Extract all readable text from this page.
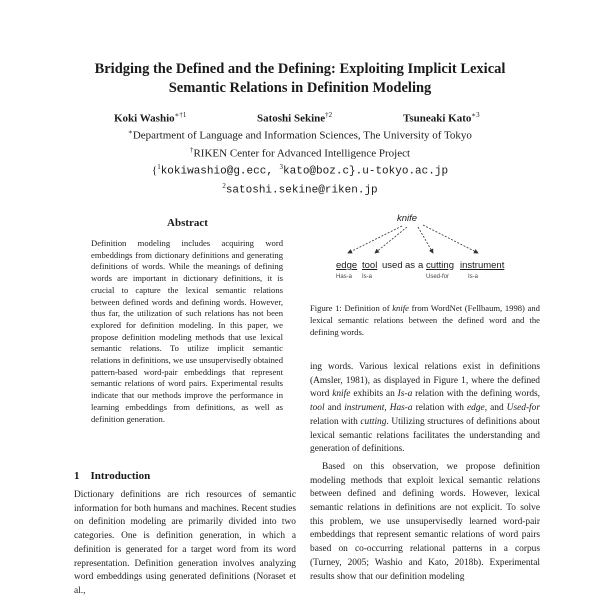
Bridging the Defined and the Defining: Exploiting Implicit Lexical
Semantic Relations in Definition Modeling
Koki Washio$^{∗\dagger 1}$	Satoshi Sekine$^{\dagger 2}$	Tsuneaki Kato$^{∗3}$
∗Department of Language and Information Sciences, The University of Tokyo
†RIKEN Center for Advanced Intelligence Project
{$^1$kokiwashio@g.ecc, $^3$kato@boz.c}.u-tokyo.ac.jp
$^2$satoshi.sekine@riken.jp
Abstract
Definition modeling includes acquiring word embeddings from dictionary definitions and generating definitions of words. While the meanings of defining words are important in dictionary definitions, it is crucial to capture the lexical semantic relations between defined words and defining words. However, thus far, the utilization of such relations has not been explored for definition modeling. In this paper, we propose definition modeling methods that use lexical semantic relations. To utilize implicit semantic relations in definitions, we use unsupervisedly obtained pattern-based word-pair embeddings that represent semantic relations of word pairs. Experimental results indicate that our methods improve the performance in learning embeddings from definitions, as well as definition generation.
1 Introduction
Dictionary definitions are rich resources of semantic information for both humans and machines. Recent studies on definition modeling are primarily divided into two categories. One is definition generation, in which a definition is generated for a target word from its word representation. Definition generation involves analyzing word embeddings using generated definitions (Noraset et al.,
knife
edge tool used as a cutting instrument
Has-a Is-a	Used-for	Is-a
Figure 1: Definition of knife from WordNet (Fellbaum, 1998) and lexical semantic relations between the defined word and the defining words.

ing words. Various lexical relations exist in definitions (Amsler, 1981), as displayed in Figure 1, where the defined word knife exhibits an Is-a relation with the defining words, tool and instrument, Has-a relation with edge, and Used-for relation with cutting. Utilizing structures of definitions about lexical semantic relations facilitates the understanding and generation of definitions.

Based on this observation, we propose definition modeling methods that exploit lexical semantic relations between defined and defining words. However, lexical semantic relations in definitions are not explicit. To solve this problem, we use unsupervisedly learned word-pair embeddings that represent semantic relations of word pairs based on co-occurring relational patterns in a corpus (Turney, 2005; Washio and Kato, 2018b). Experimental results show that our definition modeling
